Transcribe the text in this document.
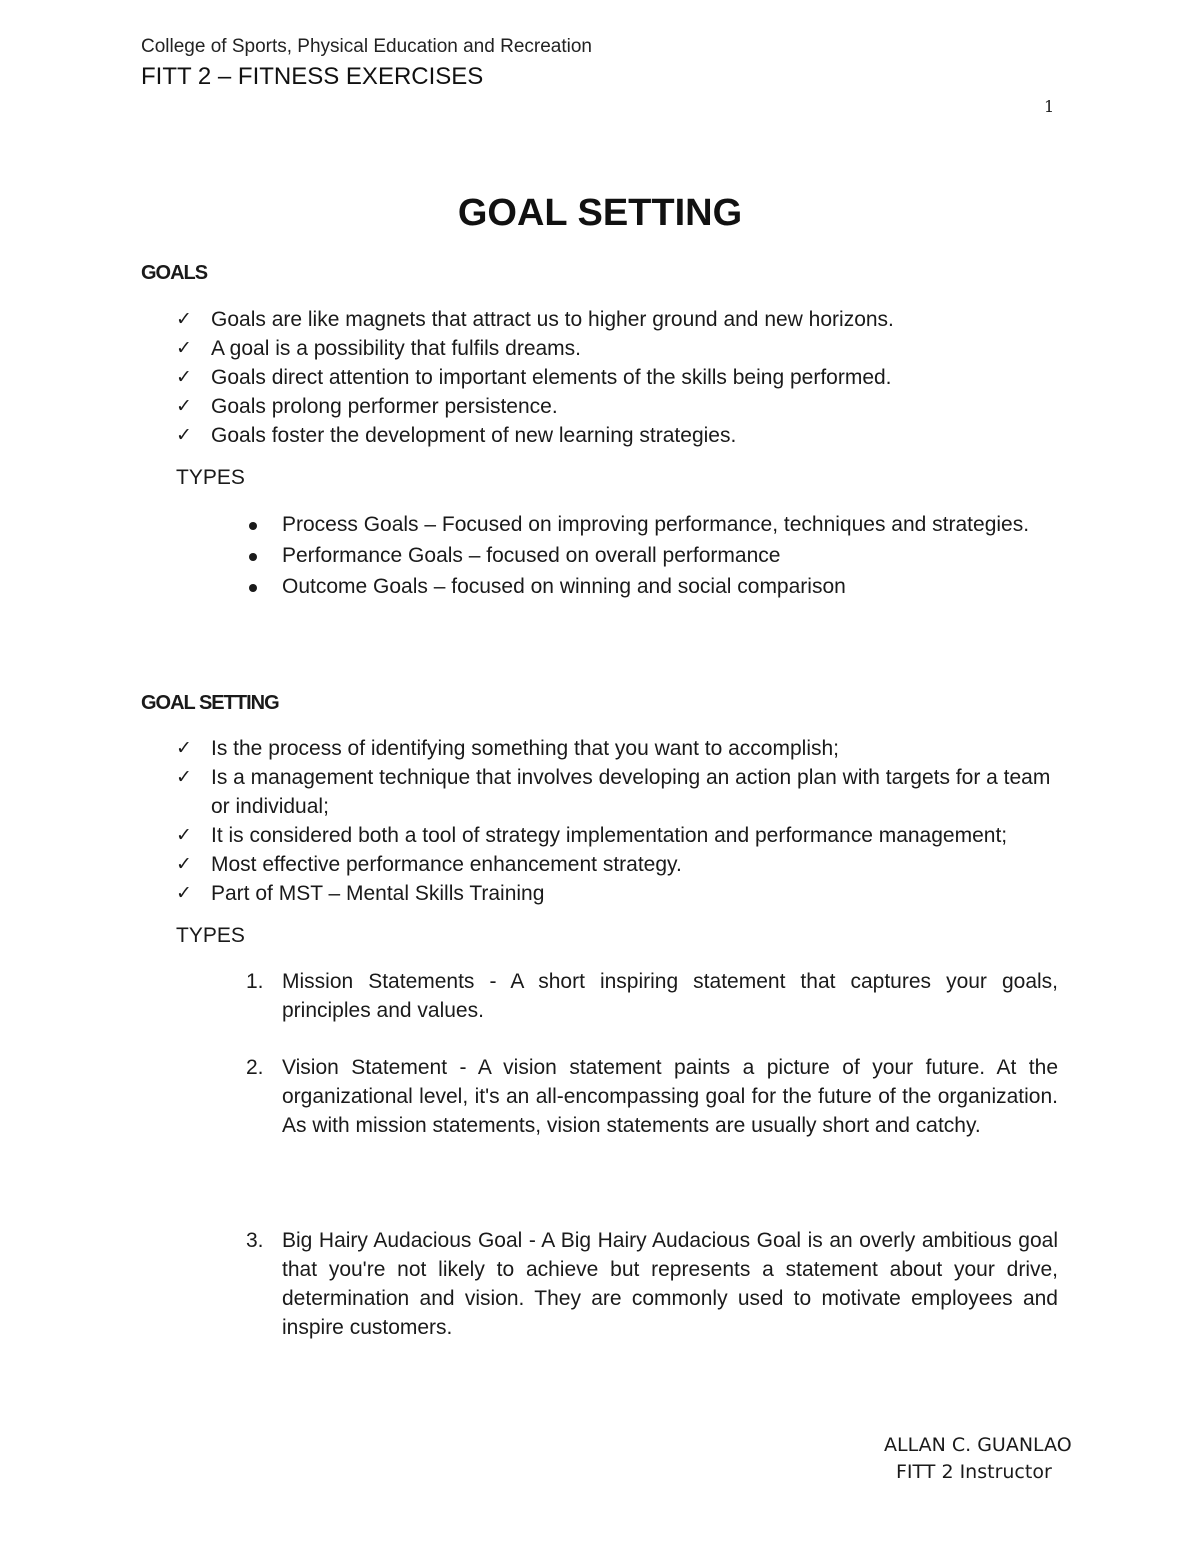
College of Sports, Physical Education and Recreation
FITT 2 – FITNESS EXERCISES
1
GOAL SETTING
GOALS
✓ Goals are like magnets that attract us to higher ground and new horizons.
✓ A goal is a possibility that fulfils dreams.
✓ Goals direct attention to important elements of the skills being performed.
✓ Goals prolong performer persistence.
✓ Goals foster the development of new learning strategies.
TYPES
Process Goals – Focused on improving performance, techniques and strategies.
Performance Goals – focused on overall performance
Outcome Goals – focused on winning and social comparison
GOAL SETTING
✓ Is the process of identifying something that you want to accomplish;
✓ Is a management technique that involves developing an action plan with targets for a team or individual;
✓ It is considered both a tool of strategy implementation and performance management;
✓ Most effective performance enhancement strategy.
✓ Part of MST – Mental Skills Training
TYPES
1. Mission Statements - A short inspiring statement that captures your goals, principles and values.
2. Vision Statement - A vision statement paints a picture of your future. At the organizational level, it's an all-encompassing goal for the future of the organization. As with mission statements, vision statements are usually short and catchy.
3. Big Hairy Audacious Goal - A Big Hairy Audacious Goal is an overly ambitious goal that you're not likely to achieve but represents a statement about your drive, determination and vision. They are commonly used to motivate employees and inspire customers.
ALLAN C. GUANLAO
FITT 2 Instructor
